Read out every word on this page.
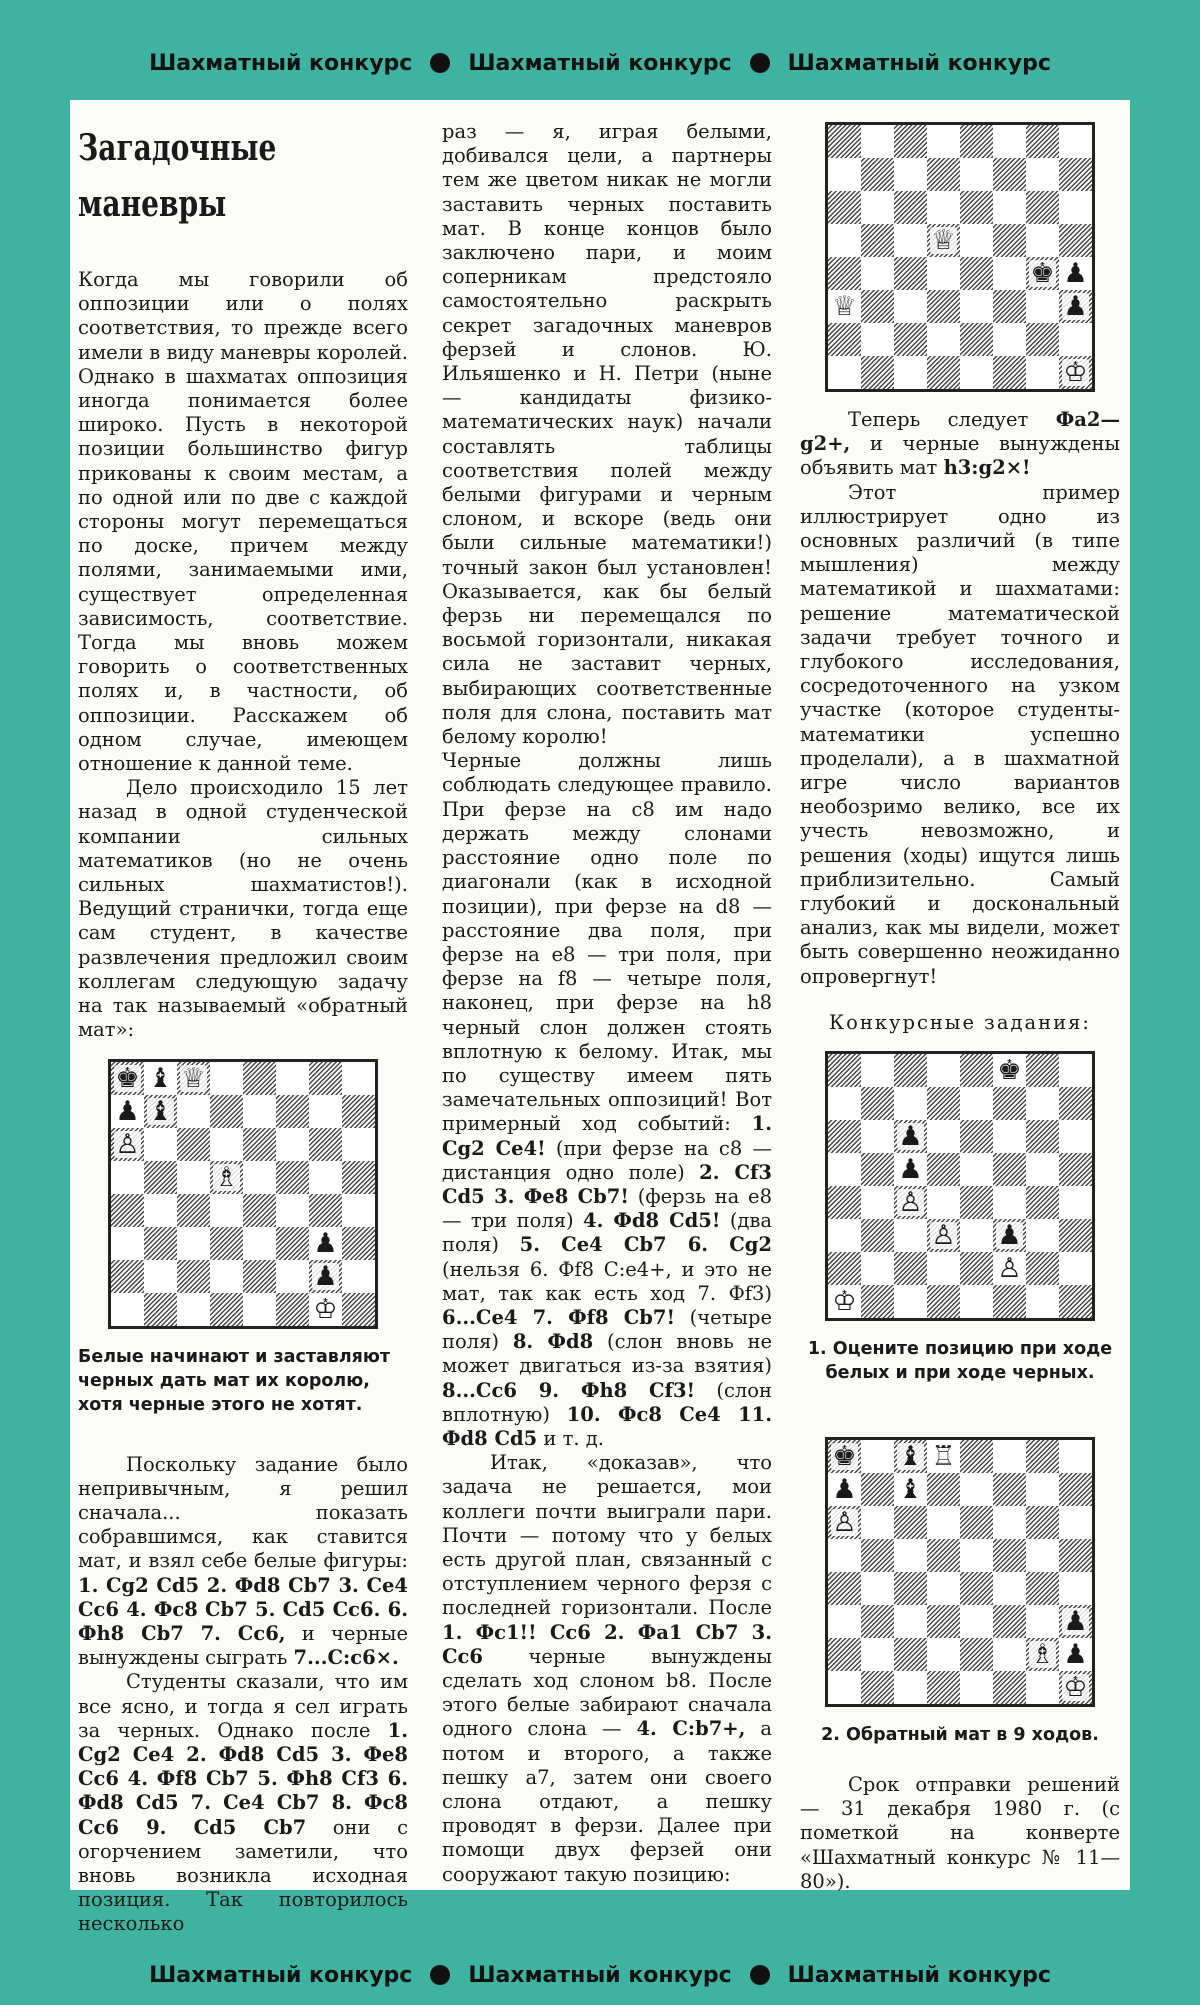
Шахматный конкурс	Шахматный конкурс	Шахматный конкурс
Загадочные
маневры

Когда мы говорили об оппозиции или о полях соответствия, то прежде всего имели в виду маневры королей. Однако в шахматах оппозиция иногда понимается более широко. Пусть в некоторой позиции большинство фигур прикованы к своим местам, а по одной или по две с каждой стороны могут перемещаться по доске, причем между полями, занимаемыми ими, существует определенная зависимость, соответствие. Тогда мы вновь можем говорить о соответственных полях и, в частности, об оппозиции. Расскажем об одном случае, имеющем отношение к данной теме.

Дело происходило 15 лет назад в одной студенческой компании сильных математиков (но не очень сильных шахматистов!). Ведущий странички, тогда еще сам студент, в качестве развлечения предложил своим коллегам следующую задачу на так называемый «обратный мат»:

♚ ♝ ♕
♟ ♝
♙
♗
♟
♟
♔
Белые начинают и заставляют черных дать мат их королю, хотя черные этого не хотят.

Поскольку задание было непривычным, я решил сначала... показать собравшимся, как ставится мат, и взял себе белые фигуры: 1. Cg2 Cd5 2. Фd8 Cb7 3. Ce4 Cc6 4. Фc8 Cb7 5. Cd5 Cc6. 6. Фh8 Cb7 7. Cc6, и черные вынуждены сыграть 7...C:c6×.

Студенты сказали, что им все ясно, и тогда я сел играть за черных. Однако после 1. Cg2 Ce4 2. Фd8 Cd5 3. Фe8 Cc6 4. Фf8 Cb7 5. Фh8 Cf3 6. Фd8 Cd5 7. Ce4 Cb7 8. Фc8 Cc6 9. Cd5 Cb7 они с огорчением заметили, что вновь возникла исходная позиция. Так повторилось несколько

раз — я, играя белыми, добивался цели, а партнеры тем же цветом никак не могли заставить черных поставить мат. В конце концов было заключено пари, и моим соперникам предстояло самостоятельно раскрыть секрет загадочных маневров ферзей и слонов. Ю. Ильяшенко и Н. Петри (ныне — кандидаты физико-математических наук) начали составлять таблицы соответствия полей между белыми фигурами и черным слоном, и вскоре (ведь они были сильные математики!) точный закон был установлен! Оказывается, как бы белый ферзь ни перемещался по восьмой горизонтали, никакая сила не заставит черных, выбирающих соответственные поля для слона, поставить мат белому королю!

Черные должны лишь соблюдать следующее правило. При ферзе на с8 им надо держать между слонами расстояние одно поле по диагонали (как в исходной позиции), при ферзе на d8 — расстояние два поля, при ферзе на е8 — три поля, при ферзе на f8 — четыре поля, наконец, при ферзе на h8 черный слон должен стоять вплотную к белому. Итак, мы по существу имеем пять замечательных оппозиций! Вот примерный ход событий: 1. Cg2 Ce4! (при ферзе на c8 — дистанция одно поле) 2. Cf3 Cd5 3. Фe8 Cb7! (ферзь на e8 — три поля) 4. Фd8 Cd5! (два поля) 5. Ce4 Cb7 6. Cg2 (нельзя 6. Фf8 С:е4+, и это не мат, так как есть ход 7. Фf3) 6...Ce4 7. Фf8 Cb7! (четыре поля) 8. Фd8 (слон вновь не может двигаться из-за взятия) 8...Cc6 9. Фh8 Cf3! (слон вплотную) 10. Фc8 Ce4 11. Фd8 Cd5 и т. д.

Итак, «доказав», что задача не решается, мои коллеги почти выиграли пари. Почти — потому что у белых есть другой план, связанный с отступлением черного ферзя с последней горизонтали. После 1. Фc1!! Cc6 2. Фa1 Cb7 3. Cc6 черные вынуждены сделать ход слоном b8. После этого белые забирают сначала одного слона — 4. C:b7+, а потом и второго, а также пешку а7, затем они своего слона отдают, а пешку проводят в ферзи. Далее при помощи двух ферзей они сооружают такую позицию:

♕
♚ ♟
♕	♟
♔

Теперь следует Фa2—g2+, и черные вынуждены объявить мат h3:g2×!

Этот пример иллюстрирует одно из основных различий (в типе мышления) между математикой и шахматами: решение математической задачи требует точного и глубокого исследования, сосредоточенного на узком участке (которое студенты-математики успешно проделали), а в шахматной игре число вариантов необозримо велико, все их учесть невозможно, и решения (ходы) ищутся лишь приблизительно. Самый глубокий и доскональный анализ, как мы видели, может быть совершенно неожиданно опровергнут!

Конкурсные задания:

♚
♟
♟
♙
♙ ♟
♙
♔
1. Оцените позицию при ходе белых и при ходе черных.
♚ ♝ ♖
♟ ♝
♙
♟
♗ ♟
♔
2. Обратный мат в 9 ходов.

Срок отправки решений — 31 декабря 1980 г. (с пометкой на конверте «Шахматный конкурс № 11—80»).

Шахматный конкурс	Шахматный конкурс	Шахматный конкурс
